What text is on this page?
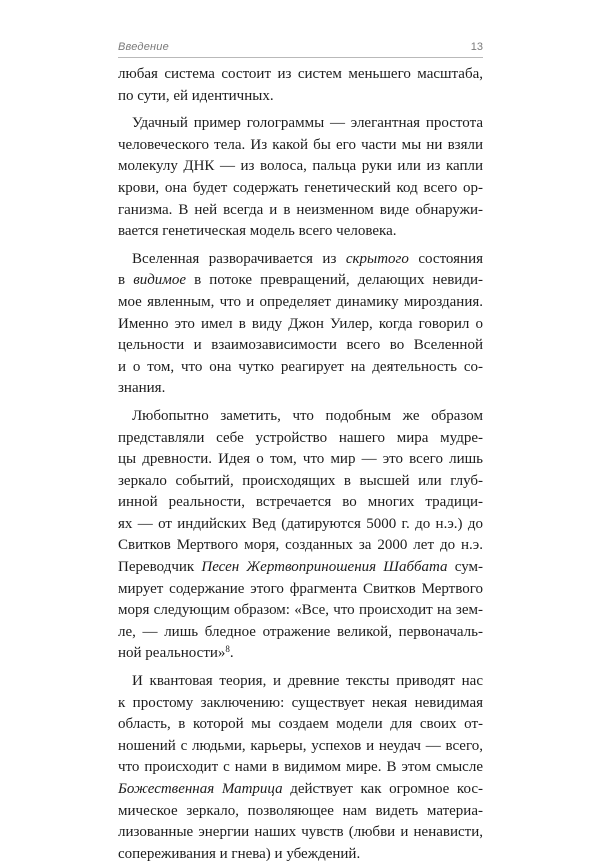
Введение	13
любая система состоит из систем меньшего масштаба,
по сути, ей идентичных.
Удачный пример голограммы — элегантная простота
человеческого тела. Из какой бы его части мы ни взяли
молекулу ДНК — из волоса, пальца руки или из капли
крови, она будет содержать генетический код всего ор-
ганизма. В ней всегда и в неизменном виде обнаружи-
вается генетическая модель всего человека.
Вселенная разворачивается из скрытого состояния
в видимое в потоке превращений, делающих невиди-
мое явленным, что и определяет динамику мироздания.
Именно это имел в виду Джон Уилер, когда говорил о
цельности и взаимозависимости всего во Вселенной
и о том, что она чутко реагирует на деятельность со-
знания.
Любопытно заметить, что подобным же образом
представляли себе устройство нашего мира мудре-
цы древности. Идея о том, что мир — это всего лишь
зеркало событий, происходящих в высшей или глуб-
инной реальности, встречается во многих традици-
ях — от индийских Вед (датируются 5000 г. до н.э.) до
Свитков Мертвого моря, созданных за 2000 лет до н.э.
Переводчик Песен Жертвоприношения Шаббата сум-
мирует содержание этого фрагмента Свитков Мертвого
моря следующим образом: «Все, что происходит на зем-
ле, — лишь бледное отражение великой, первоначаль-
ной реальности»$^8$.
И квантовая теория, и древние тексты приводят нас
к простому заключению: существует некая невидимая
область, в которой мы создаем модели для своих от-
ношений с людьми, карьеры, успехов и неудач — всего,
что происходит с нами в видимом мире. В этом смысле
Божественная Матрица действует как огромное кос-
мическое зеркало, позволяющее нам видеть материа-
лизованные энергии наших чувств (любви и ненависти,
сопереживания и гнева) и убеждений.
